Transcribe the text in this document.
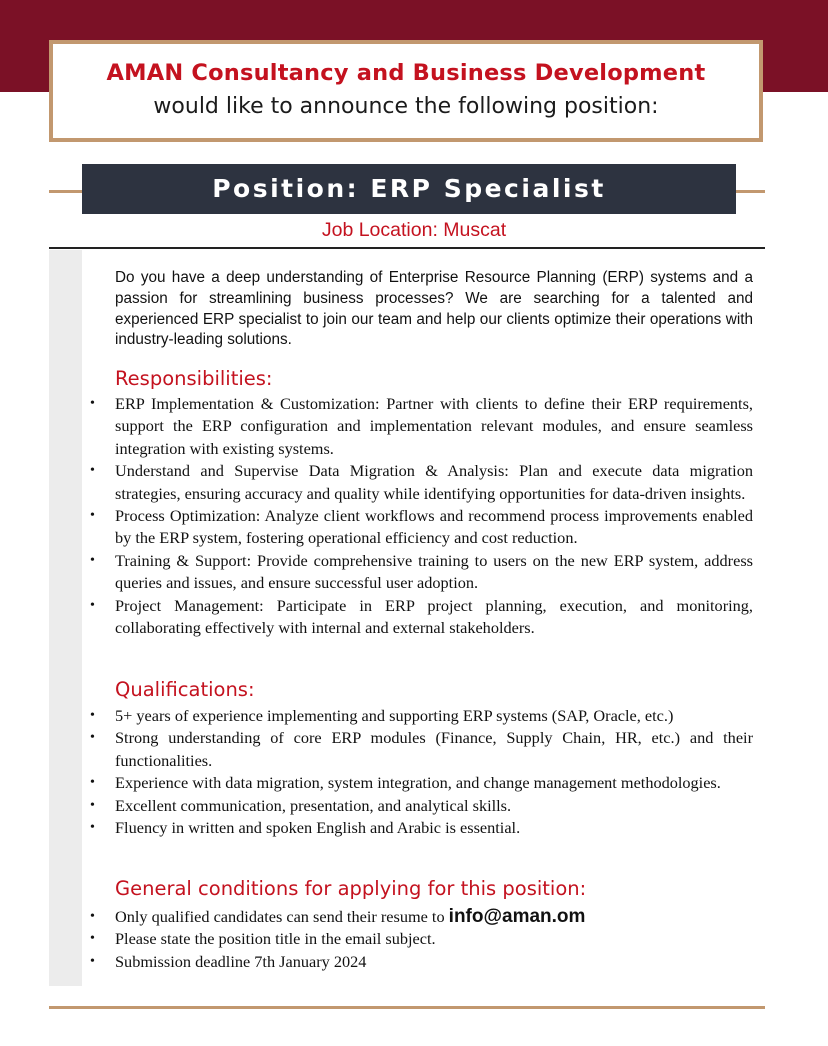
AMAN Consultancy and Business Development
would like to announce the following position:
Position: ERP Specialist
Job Location: Muscat
Do you have a deep understanding of Enterprise Resource Planning (ERP) systems and a passion for streamlining business processes? We are searching for a talented and experienced ERP specialist to join our team and help our clients optimize their operations with industry-leading solutions.
Responsibilities:
•	ERP Implementation & Customization: Partner with clients to define their ERP requirements, support the ERP configuration and implementation relevant modules, and ensure seamless integration with existing systems.
•	Understand and Supervise Data Migration & Analysis: Plan and execute data migration strategies, ensuring accuracy and quality while identifying opportunities for data-driven insights.
•	Process Optimization: Analyze client workflows and recommend process improvements enabled by the ERP system, fostering operational efficiency and cost reduction.
•	Training & Support: Provide comprehensive training to users on the new ERP system, address queries and issues, and ensure successful user adoption.
•	Project Management: Participate in ERP project planning, execution, and monitoring, collaborating effectively with internal and external stakeholders.
Qualifications:
•	5+ years of experience implementing and supporting ERP systems (SAP, Oracle, etc.)
•	Strong understanding of core ERP modules (Finance, Supply Chain, HR, etc.) and their functionalities.
•	Experience with data migration, system integration, and change management methodologies.
•	Excellent communication, presentation, and analytical skills.
•	Fluency in written and spoken English and Arabic is essential.
General conditions for applying for this position:
•	Only qualified candidates can send their resume to info@aman.om
•	Please state the position title in the email subject.
•	Submission deadline 7th January 2024
